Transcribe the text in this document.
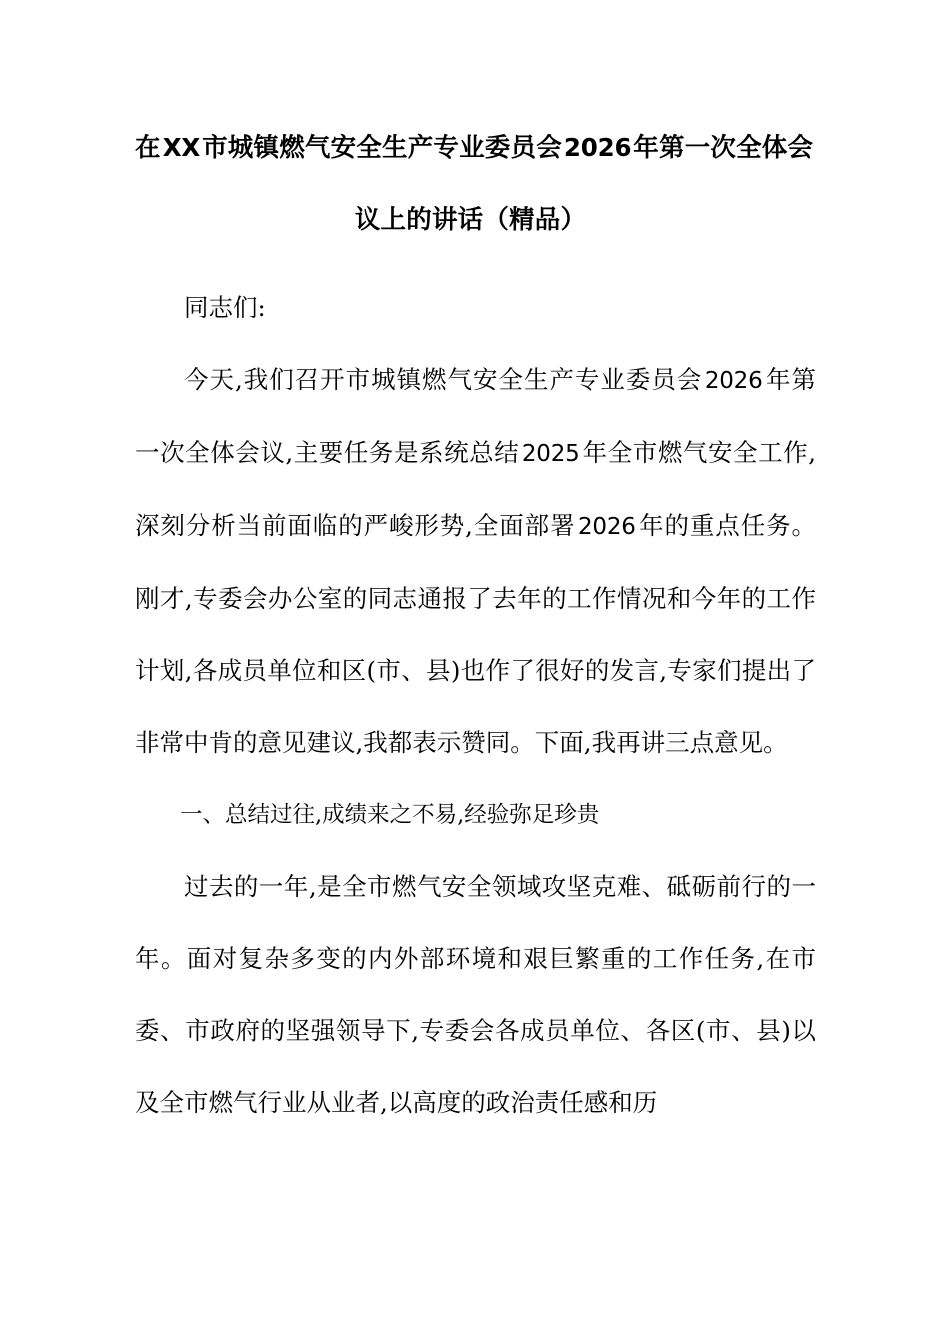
在XX市城镇燃气安全生产专业委员会2026年第一次全体会
议上的讲话（精品）

同志们:

今天,我们召开市城镇燃气安全生产专业委员会 2026 年第一次全体会议,主要任务是系统总结 2025 年全市燃气安全工作,深刻分析当前面临的严峻形势,全面部署 2026 年的重点任务。刚才,专委会办公室的同志通报了去年的工作情况和今年的工作计划,各成员单位和区(市、县)也作了很好的发言,专家们提出了非常中肯的意见建议,我都表示赞同。下面,我再讲三点意见。

一、总结过往,成绩来之不易,经验弥足珍贵

过去的一年,是全市燃气安全领域攻坚克难、砥砺前行的一年。面对复杂多变的内外部环境和艰巨繁重的工作任务,在市委、市政府的坚强领导下,专委会各成员单位、各区(市、县)以及全市燃气行业从业者,以高度的政治责任感和历
